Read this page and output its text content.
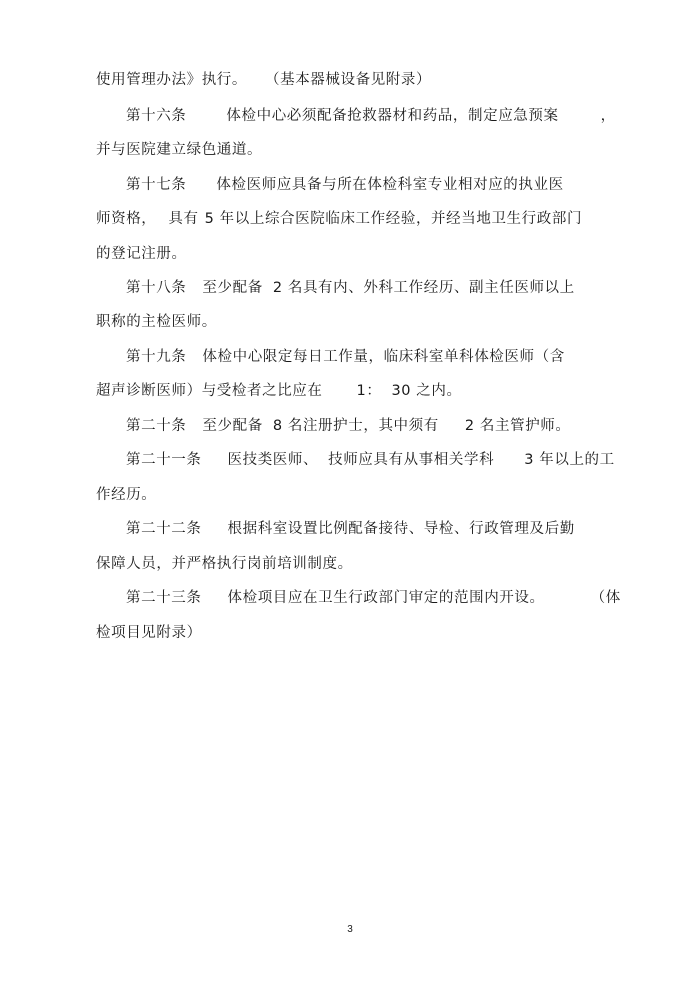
使用管理办法》执行。 （基本器械设备见附录）
第十六条	体检中心必须配备抢救器材和药品，制定应急预案	，
并与医院建立绿色通道。
第十七条 体检医师应具备与所在体检科室专业相对应的执业医
师资格， 具有 5 年以上综合医院临床工作经验，并经当地卫生行政部门
的登记注册。
第十八条 至少配备 2 名具有内、外科工作经历、副主任医师以上
职称的主检医师。
第十九条 体检中心限定每日工作量，临床科室单科体检医师（含
超声诊断医师）与受检者之比应在 1： 30 之内。
第二十条 至少配备 8 名注册护士，其中须有 2 名主管护师。
第二十一条 医技类医师、 技师应具有从事相关学科 3 年以上的工
作经历。
第二十二条 根据科室设置比例配备接待、导检、行政管理及后勤
保障人员，并严格执行岗前培训制度。
第二十三条 体检项目应在卫生行政部门审定的范围内开设。	（体
检项目见附录）
3
